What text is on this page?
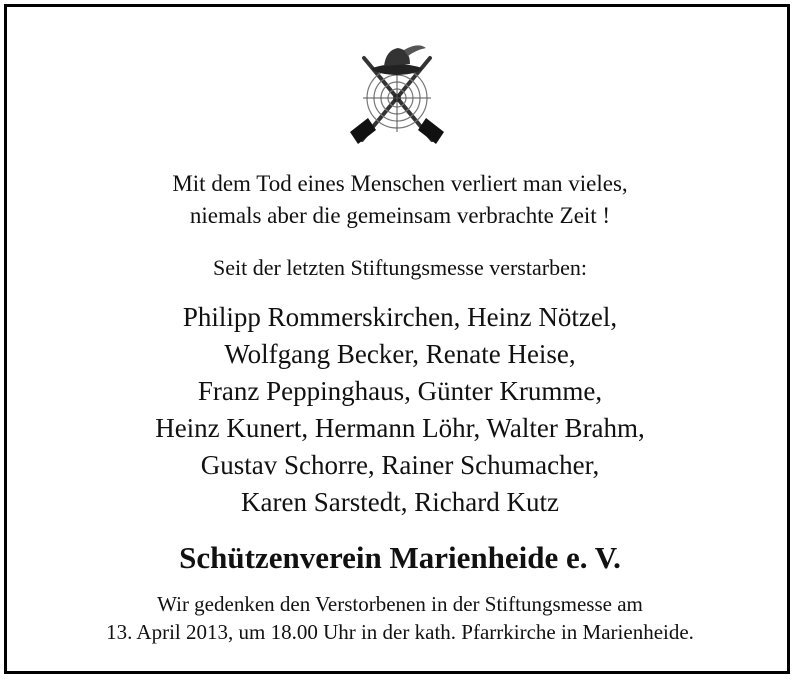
Mit dem Tod eines Menschen verliert man vieles,
niemals aber die gemeinsam verbrachte Zeit !
Seit der letzten Stiftungsmesse verstarben:
Philipp Rommerskirchen, Heinz Nötzel,
Wolfgang Becker, Renate Heise,
Franz Peppinghaus, Günter Krumme,
Heinz Kunert, Hermann Löhr, Walter Brahm,
Gustav Schorre, Rainer Schumacher,
Karen Sarstedt, Richard Kutz
Schützenverein Marienheide e. V.
Wir gedenken den Verstorbenen in der Stiftungsmesse am
13. April 2013, um 18.00 Uhr in der kath. Pfarrkirche in Marienheide.
